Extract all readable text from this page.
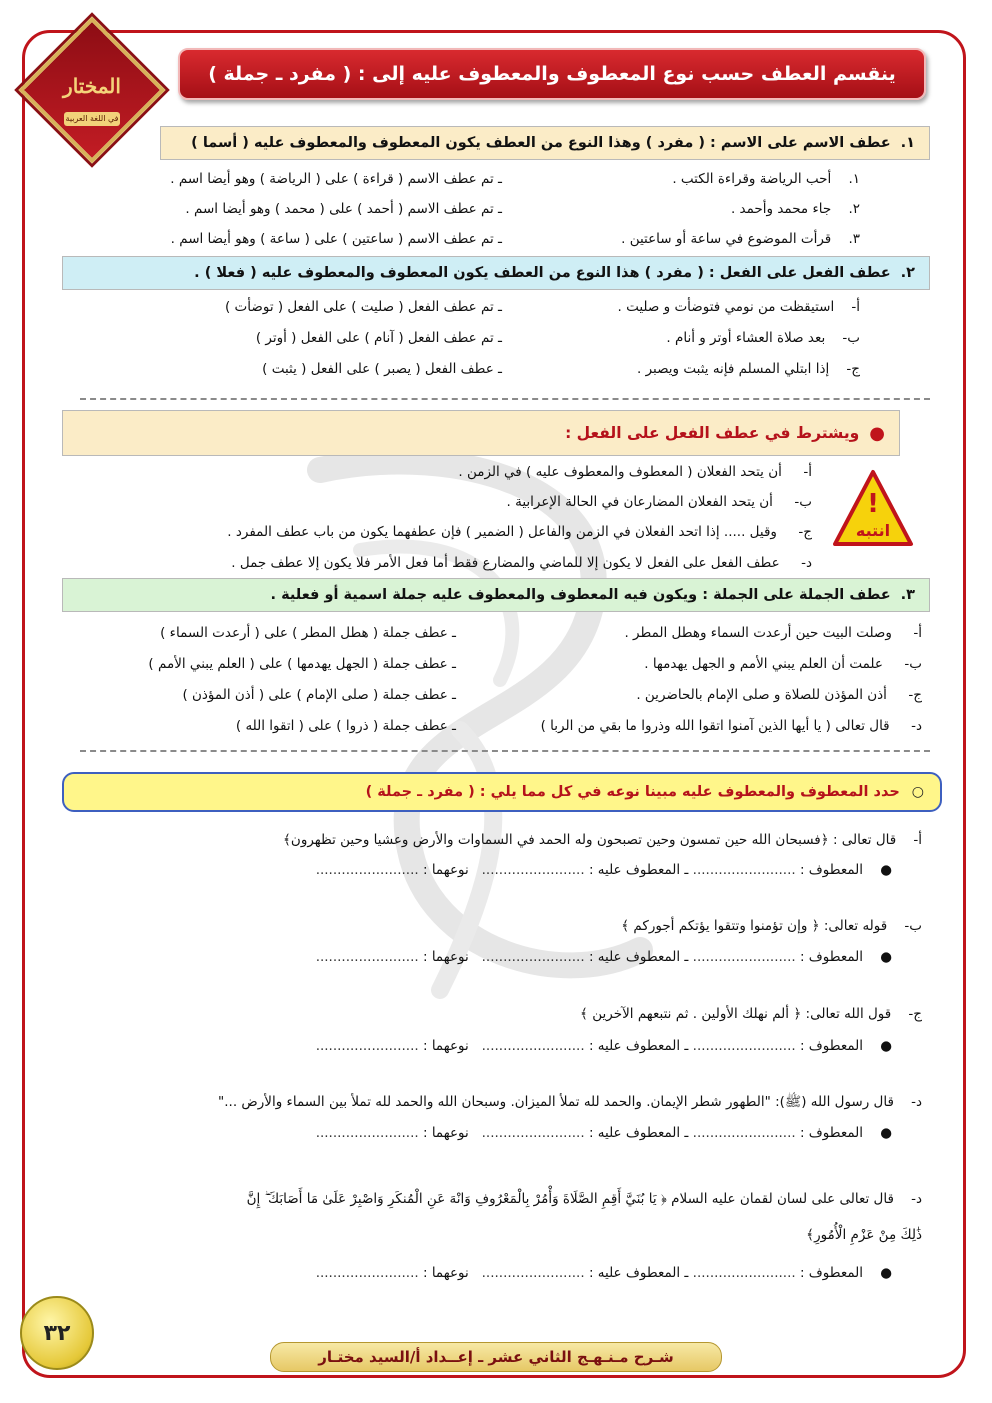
المختار
في اللغة العربية
ينقسم العطف حسب نوع المعطوف والمعطوف عليه إلى : ( مفرد ـ جملة )
١.
عطف الاسم على الاسم : ( مفرد ) وهذا النوع من العطف يكون المعطوف والمعطوف عليه ( أسما )
١.    أحب الرياضة وقراءة الكتب .
ـ تم عطف الاسم ( قراءة ) على ( الرياضة ) وهو أيضا اسم .
٢.    جاء محمد وأحمد .
ـ تم عطف الاسم ( أحمد ) على ( محمد ) وهو أيضا اسم .
٣.    قرأت الموضوع في ساعة أو ساعتين .
ـ تم عطف الاسم ( ساعتين ) على ( ساعة ) وهو أيضا اسم .
٢.
عطف الفعل على الفعل : ( مفرد ) هذا النوع من العطف يكون المعطوف والمعطوف عليه ( فعلا ) .
أ-    استيقظت من نومي فتوضأت و صليت .
ـ تم عطف الفعل ( صليت ) على الفعل ( توضأت )
ب-    بعد صلاة العشاء أوتر و أنام .
ـ تم عطف الفعل ( آنام ) على الفعل ( أوتر )
ج-    إذا ابتلي المسلم فإنه يثبت ويصبر .
ـ عطف الفعل ( يصبر ) على الفعل ( يثبت )
●
ويشترط في عطف الفعل على الفعل :
!
انتبه
أ-     أن يتحد الفعلان ( المعطوف والمعطوف عليه ) في الزمن .
ب-     أن يتحد الفعلان المضارعان في الحالة الإعرابية .
ج-     وقيل ..... إذا اتحد الفعلان في الزمن والفاعل ( الضمير ) فإن عطفهما يكون من باب عطف المفرد .
د-     عطف الفعل على الفعل لا يكون إلا للماضي والمضارع فقط أما فعل الأمر فلا يكون إلا عطف جمل .
٣.
عطف الجملة على الجملة : ويكون فيه المعطوف والمعطوف عليه جملة اسمية أو فعلية .
أ-     وصلت البيت حين أرعدت السماء وهطل المطر .
ـ عطف جملة ( هطل المطر ) على ( أرعدت السماء )
ب-     علمت أن العلم يبني الأمم و الجهل يهدمها .
ـ عطف جملة ( الجهل يهدمها ) على ( العلم يبني الأمم )
ج-     أذن المؤذن للصلاة و صلى الإمام بالحاضرين .
ـ عطف جملة ( صلى الإمام ) على ( أذن المؤذن )
د-     قال تعالى ( يا أيها الذين آمنوا اتقوا الله وذروا ما بقي من الربا )
ـ عطف جملة ( ذروا ) على ( اتقوا الله )
○
حدد المعطوف والمعطوف عليه مبينا نوعه في كل مما يلي : ( مفرد ـ جملة )
أ-    قال تعالى : ﴿فسبحان الله حين تمسون وحين تصبحون وله الحمد في السماوات والأرض وعشيا وحين تظهرون﴾
●    المعطوف : ........................ ـ المعطوف عليه : ........................   نوعهما : ........................
ب-    قوله تعالى: ﴿ وإن تؤمنوا وتتقوا يؤتكم أجوركم ﴾
●    المعطوف : ........................ ـ المعطوف عليه : ........................   نوعهما : ........................
ج-    قول الله تعالى: ﴿ ألم نهلك الأولين . ثم نتبعهم الآخرين ﴾
●    المعطوف : ........................ ـ المعطوف عليه : ........................   نوعهما : ........................
د-    قال رسول الله (ﷺ): "الطهور شطر الإيمان. والحمد لله تملأ الميزان. وسبحان الله والحمد لله تملأ بين السماء والأرض ..."
●    المعطوف : ........................ ـ المعطوف عليه : ........................   نوعهما : ........................
د-    قال تعالى على لسان لقمان عليه السلام ﴿ يَا بُنَيَّ أَقِمِ الصَّلَاةَ وَأْمُرْ بِالْمَعْرُوفِ وَانْهَ عَنِ الْمُنكَرِ وَاصْبِرْ عَلَىٰ مَا أَصَابَكَ ۖ إِنَّ
ذَٰلِكَ مِنْ عَزْمِ الْأُمُورِ﴾
●    المعطوف : ........................ ـ المعطوف عليه : ........................   نوعهما : ........................
٣٢
شـرح مـنـهـج الثاني عشر ـ إعــداد أ/السيد مختـار
